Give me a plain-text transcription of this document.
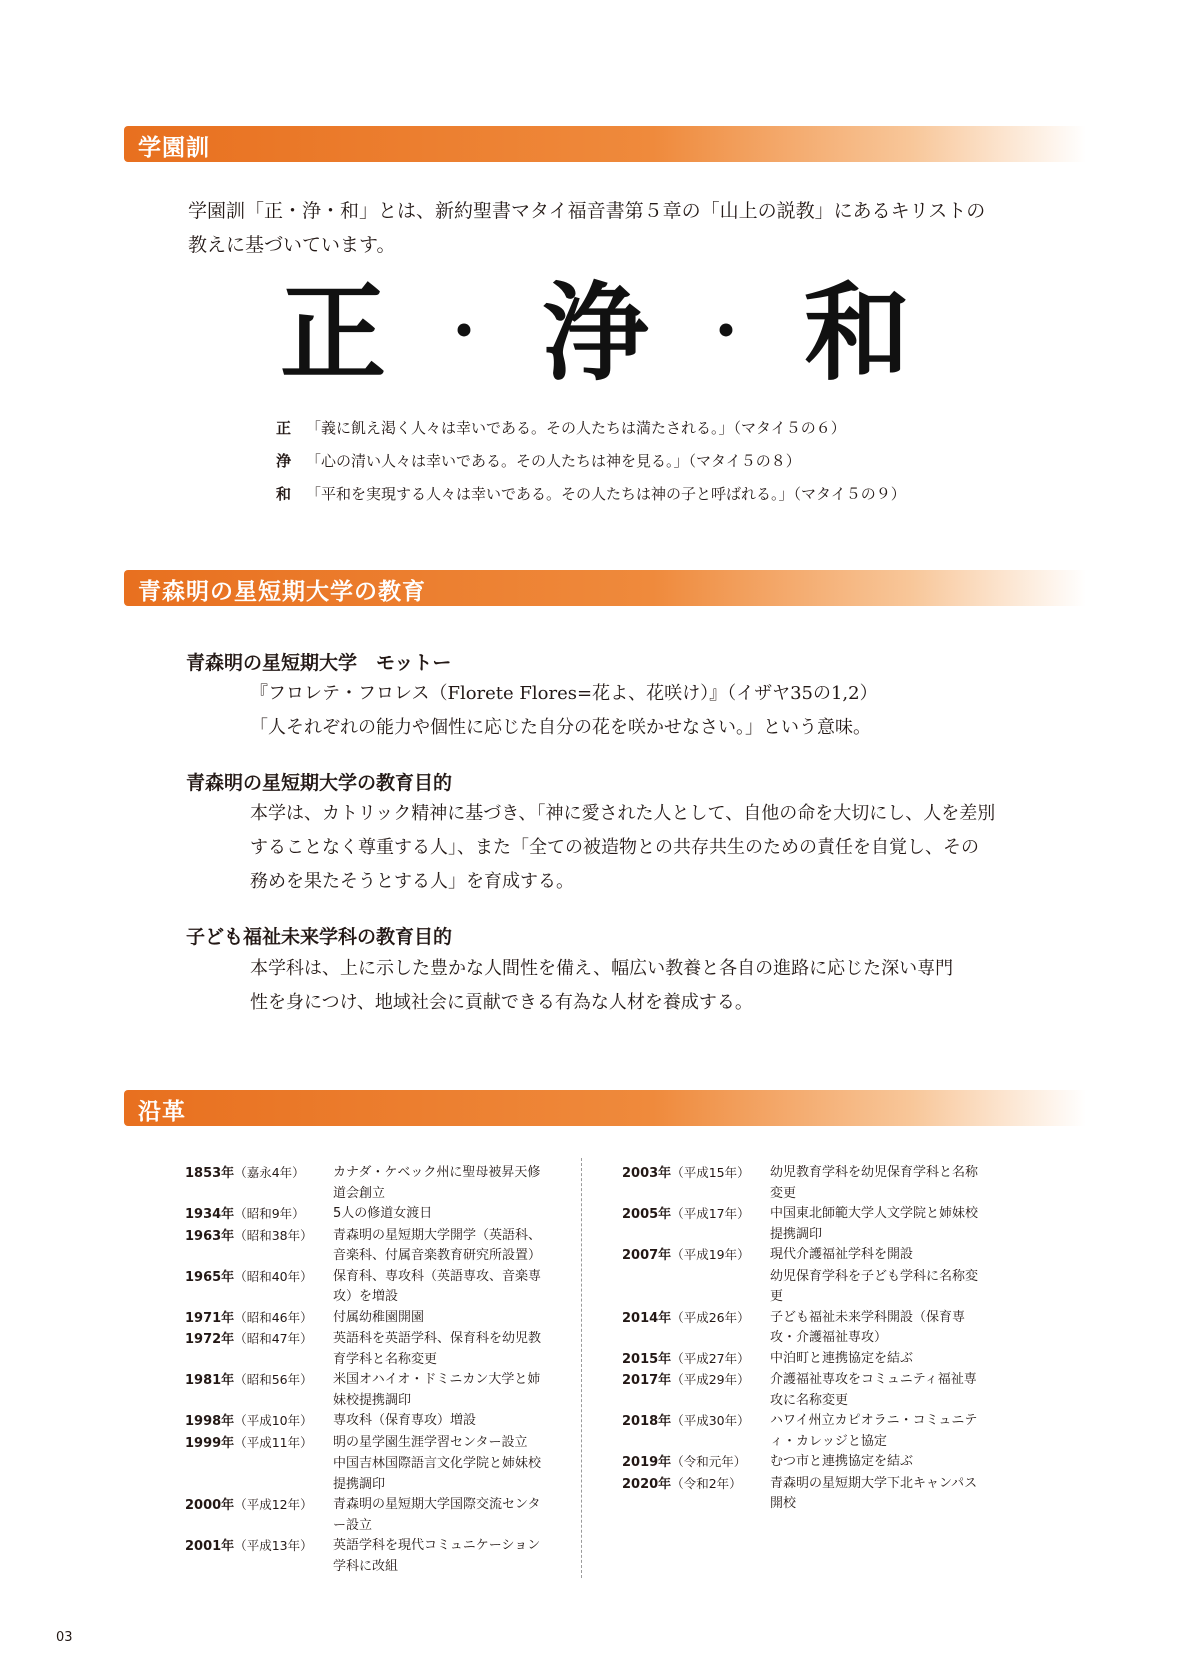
学園訓
学園訓「正・浄・和」とは、新約聖書マタイ福音書第５章の「山上の説教」にあるキリストの
教えに基づいています。
正 ・ 浄 ・ 和
正 「義に飢え渇く人々は幸いである。その人たちは満たされる。」（マタイ５の６）
浄 「心の清い人々は幸いである。その人たちは神を見る。」（マタイ５の８）
和 「平和を実現する人々は幸いである。その人たちは神の子と呼ばれる。」（マタイ５の９）
青森明の星短期大学の教育
青森明の星短期大学　モットー
『フロレテ・フロレス（Florete Flores=花よ、花咲け）』（イザヤ35の1,2）
「人それぞれの能力や個性に応じた自分の花を咲かせなさい。」という意味。
青森明の星短期大学の教育目的
本学は、カトリック精神に基づき、「神に愛された人として、自他の命を大切にし、人を差別
することなく尊重する人」、また「全ての被造物との共存共生のための責任を自覚し、その
務めを果たそうとする人」を育成する。
子ども福祉未来学科の教育目的
本学科は、上に示した豊かな人間性を備え、幅広い教養と各自の進路に応じた深い専門
性を身につけ、地域社会に貢献できる有為な人材を養成する。
沿革
1853年（嘉永4年）	カナダ・ケベック州に聖母被昇天修道会創立
1934年（昭和9年）	5人の修道女渡日
1963年（昭和38年）	青森明の星短期大学開学（英語科、音楽科、付属音楽教育研究所設置）
1965年（昭和40年）	保育科、専攻科（英語専攻、音楽専攻）を増設
1971年（昭和46年）	付属幼稚園開園
1972年（昭和47年）	英語科を英語学科、保育科を幼児教育学科と名称変更
1981年（昭和56年）	米国オハイオ・ドミニカン大学と姉妹校提携調印
1998年（平成10年）	専攻科（保育専攻）増設
1999年（平成11年）	明の星学園生涯学習センター設立
中国吉林国際語言文化学院と姉妹校提携調印
2000年（平成12年）	青森明の星短期大学国際交流センター設立
2001年（平成13年）	英語学科を現代コミュニケーション学科に改組
2003年（平成15年）	幼児教育学科を幼児保育学科と名称変更
2005年（平成17年）	中国東北師範大学人文学院と姉妹校提携調印
2007年（平成19年）	現代介護福祉学科を開設
幼児保育学科を子ども学科に名称変更
2014年（平成26年）	子ども福祉未来学科開設（保育専攻・介護福祉専攻）
2015年（平成27年）	中泊町と連携協定を結ぶ
2017年（平成29年）	介護福祉専攻をコミュニティ福祉専攻に名称変更
2018年（平成30年）	ハワイ州立カピオラニ・コミュニティ・カレッジと協定
2019年（令和元年）	むつ市と連携協定を結ぶ
2020年（令和2年）	青森明の星短期大学下北キャンパス開校
03
